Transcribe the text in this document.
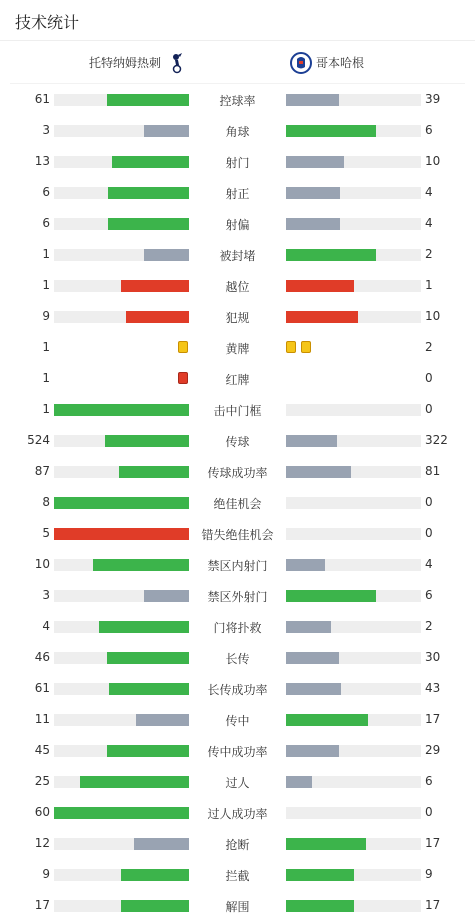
技术统计
托特纳姆热刺	哥本哈根
61	控球率	39
3	角球	6
13	射门	10
6	射正	4
6	射偏	4
1	被封堵	2
1	越位	1
9	犯规	10
1	黄牌	2
1	红牌	0
1	击中门框	0
524	传球	322
87	传球成功率	81
8	绝佳机会	0
5	错失绝佳机会	0
10	禁区内射门	4
3	禁区外射门	6
4	门将扑救	2
46	长传	30
61	长传成功率	43
11	传中	17
45	传中成功率	29
25	过人	6
60	过人成功率	0
12	抢断	17
9	拦截	9
17	解围	17
